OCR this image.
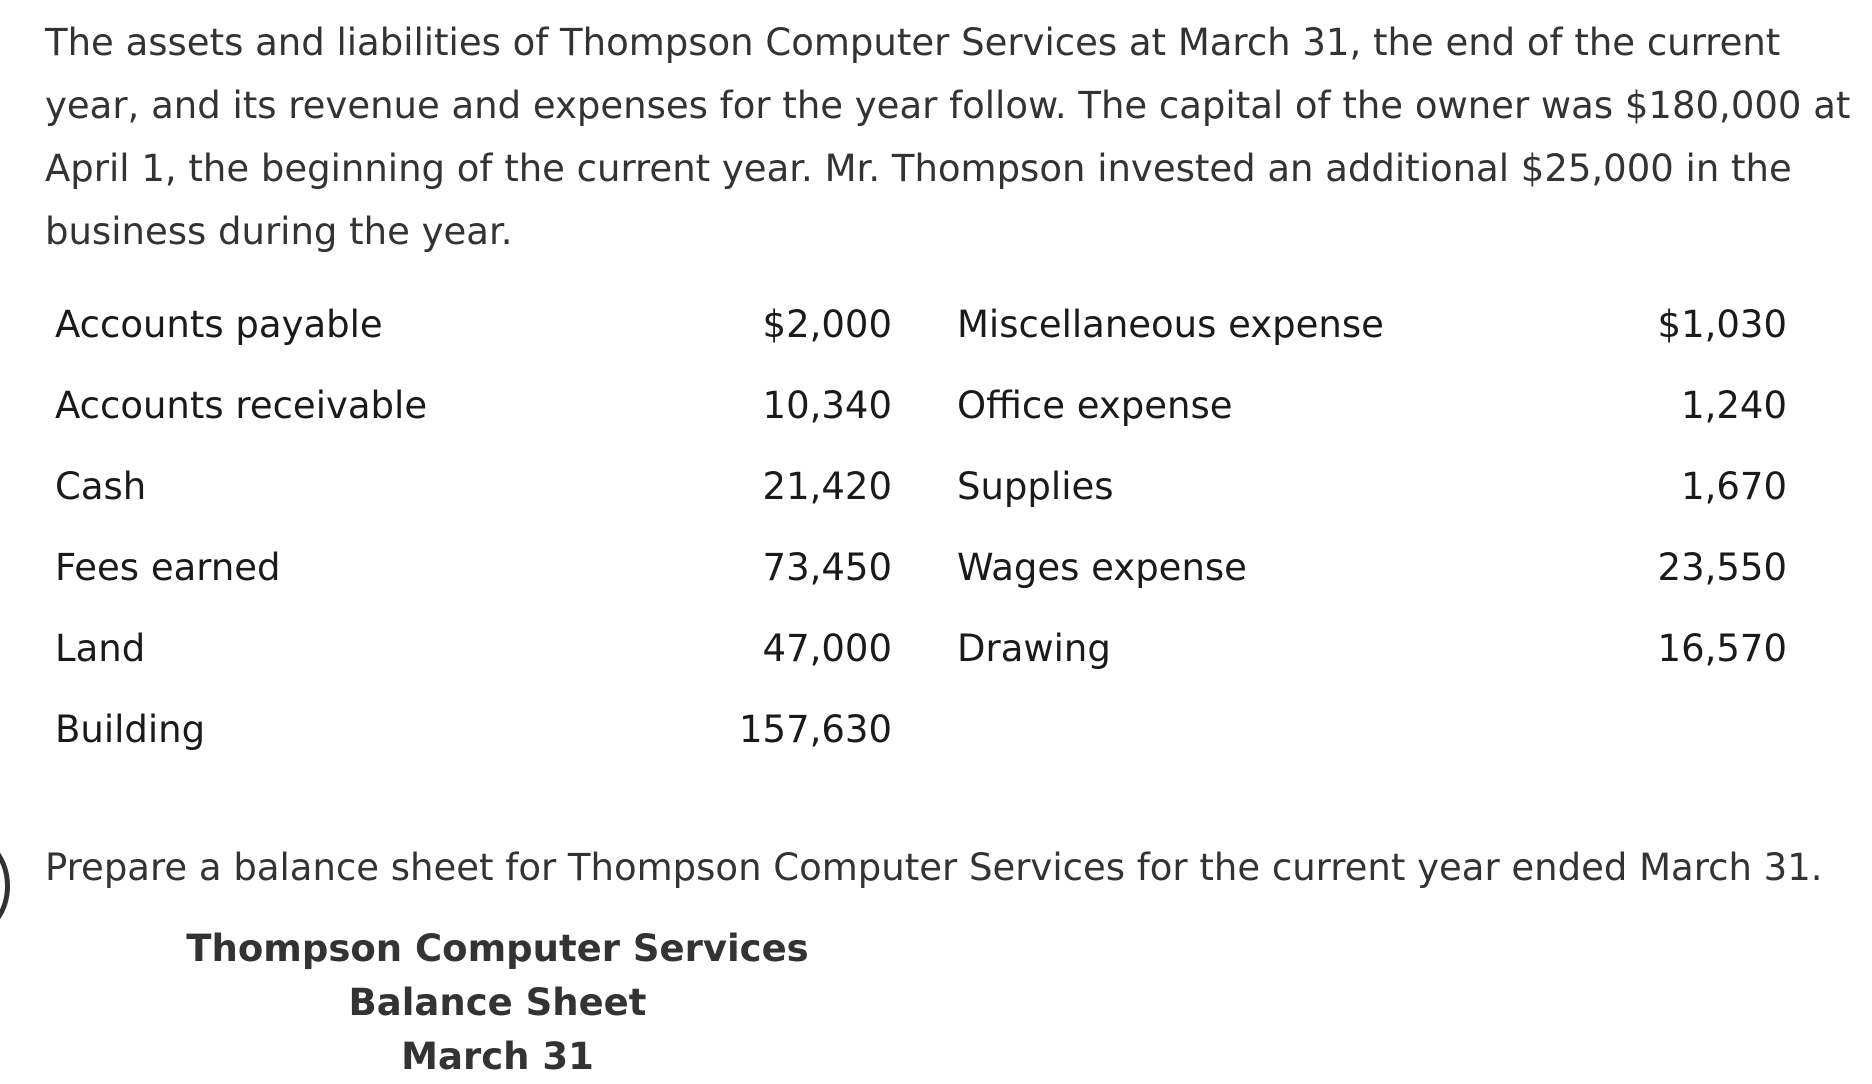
The assets and liabilities of Thompson Computer Services at March 31, the end of the current year, and its revenue and expenses for the year follow. The capital of the owner was $180,000 at April 1, the beginning of the current year. Mr. Thompson invested an additional $25,000 in the business during the year.

Accounts payable	$2,000	Miscellaneous expense	$1,030
Accounts receivable	10,340	Office expense	1,240
Cash	21,420	Supplies	1,670
Fees earned	73,450	Wages expense	23,550
Land	47,000	Drawing	16,570
Building	157,630		

Prepare a balance sheet for Thompson Computer Services for the current year ended March 31.

Thompson Computer Services
Balance Sheet
March 31
